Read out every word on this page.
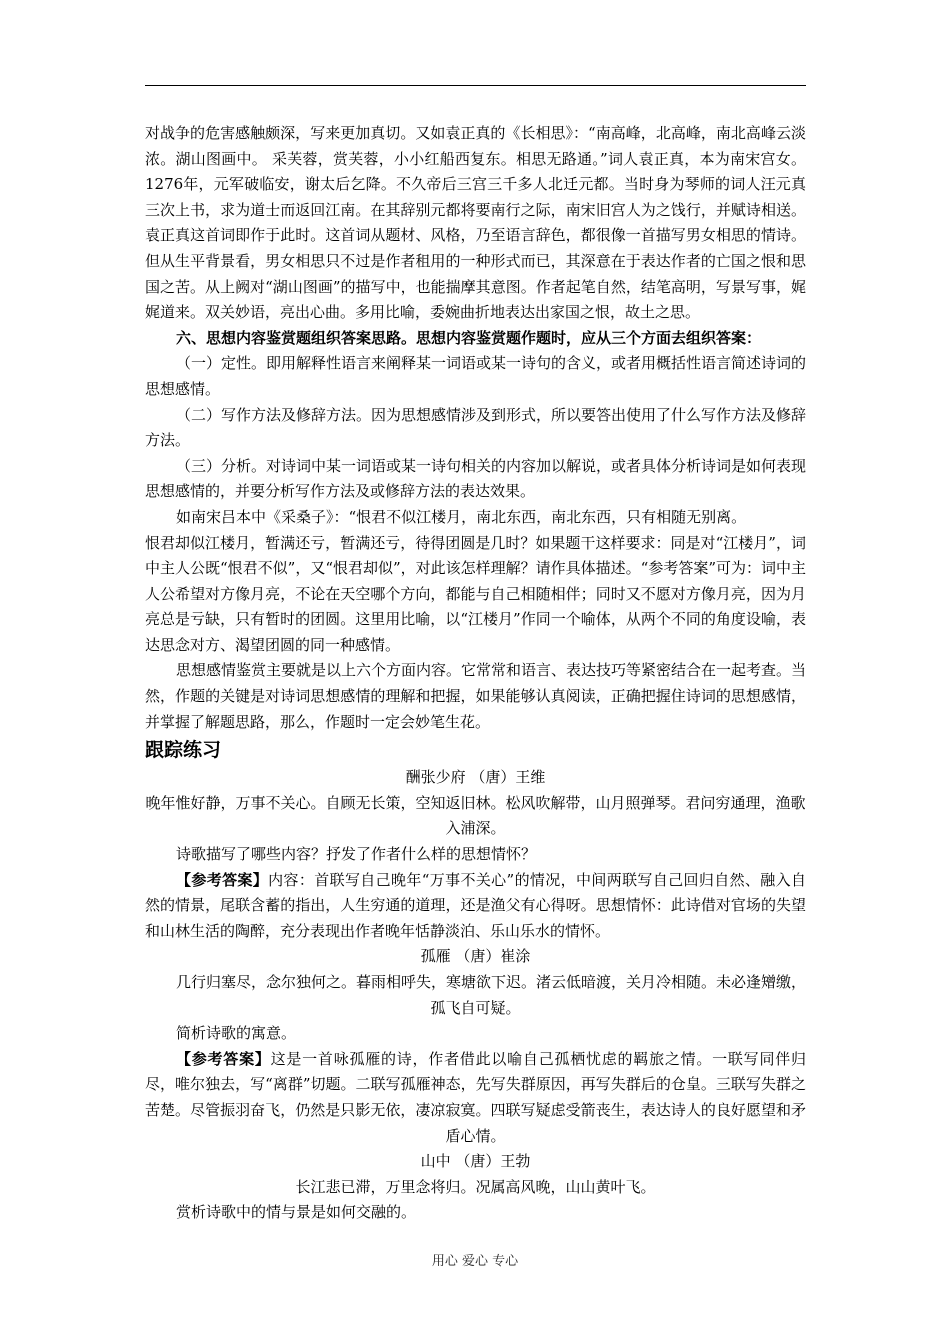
对战争的危害感触颇深，写来更加真切。又如袁正真的《长相思》：“南高峰，北高峰，南北高峰云淡浓。湖山图画中。 采芙蓉，赏芙蓉，小小红船西复东。相思无路通。”词人袁正真，本为南宋宫女。1276年，元军破临安，谢太后乞降。不久帝后三宫三千多人北迁元都。当时身为琴师的词人汪元真三次上书，求为道士而返回江南。在其辞别元都将要南行之际，南宋旧宫人为之饯行，并赋诗相送。袁正真这首词即作于此时。这首词从题材、风格，乃至语言辞色，都很像一首描写男女相思的情诗。但从生平背景看，男女相思只不过是作者租用的一种形式而已，其深意在于表达作者的亡国之恨和思国之苦。从上阙对“湖山图画”的描写中，也能揣摩其意图。作者起笔自然，结笔高明，写景写事，娓娓道来。双关妙语，亮出心曲。多用比喻，委婉曲折地表达出家国之恨，故土之思。

六、思想内容鉴赏题组织答案思路。思想内容鉴赏题作题时，应从三个方面去组织答案：

（一）定性。即用解释性语言来阐释某一词语或某一诗句的含义，或者用概括性语言简述诗词的思想感情。

（二）写作方法及修辞方法。因为思想感情涉及到形式，所以要答出使用了什么写作方法及修辞方法。

（三）分析。对诗词中某一词语或某一诗句相关的内容加以解说，或者具体分析诗词是如何表现思想感情的，并要分析写作方法及或修辞方法的表达效果。

如南宋吕本中《采桑子》：“恨君不似江楼月，南北东西，南北东西，只有相随无别离。

恨君却似江楼月，暂满还亏，暂满还亏，待得团圆是几时？如果题干这样要求：同是对“江楼月”，词中主人公既“恨君不似”，又“恨君却似”，对此该怎样理解？请作具体描述。“参考答案”可为：词中主人公希望对方像月亮，不论在天空哪个方向，都能与自己相随相伴；同时又不愿对方像月亮，因为月亮总是亏缺，只有暂时的团圆。这里用比喻，以“江楼月”作同一个喻体，从两个不同的角度设喻，表达思念对方、渴望团圆的同一种感情。

思想感情鉴赏主要就是以上六个方面内容。它常常和语言、表达技巧等紧密结合在一起考查。当然，作题的关键是对诗词思想感情的理解和把握，如果能够认真阅读，正确把握住诗词的思想感情，并掌握了解题思路，那么，作题时一定会妙笔生花。

跟踪练习

酬张少府 （唐）王维

晚年惟好静，万事不关心。自顾无长策，空知返旧林。松风吹解带，山月照弹琴。君问穷通理，渔歌入浦深。

诗歌描写了哪些内容？抒发了作者什么样的思想情怀？

【参考答案】内容：首联写自己晚年“万事不关心”的情况，中间两联写自己回归自然、融入自然的情景，尾联含蓄的指出，人生穷通的道理，还是渔父有心得呀。思想情怀：此诗借对官场的失望和山林生活的陶醉，充分表现出作者晚年恬静淡泊、乐山乐水的情怀。

孤雁 （唐）崔涂

几行归塞尽，念尔独何之。暮雨相呼失，寒塘欲下迟。渚云低暗渡，关月冷相随。未必逢矰缴，孤飞自可疑。

简析诗歌的寓意。

【参考答案】这是一首咏孤雁的诗，作者借此以喻自己孤栖忧虑的羁旅之情。一联写同伴归尽，唯尔独去，写“离群”切题。二联写孤雁神态，先写失群原因，再写失群后的仓皇。三联写失群之苦楚。尽管振羽奋飞，仍然是只影无依，凄凉寂寞。四联写疑虑受箭丧生，表达诗人的良好愿望和矛盾心情。

山中 （唐）王勃

长江悲已滞，万里念将归。况属高风晚，山山黄叶飞。

赏析诗歌中的情与景是如何交融的。

用心 爱心 专心
